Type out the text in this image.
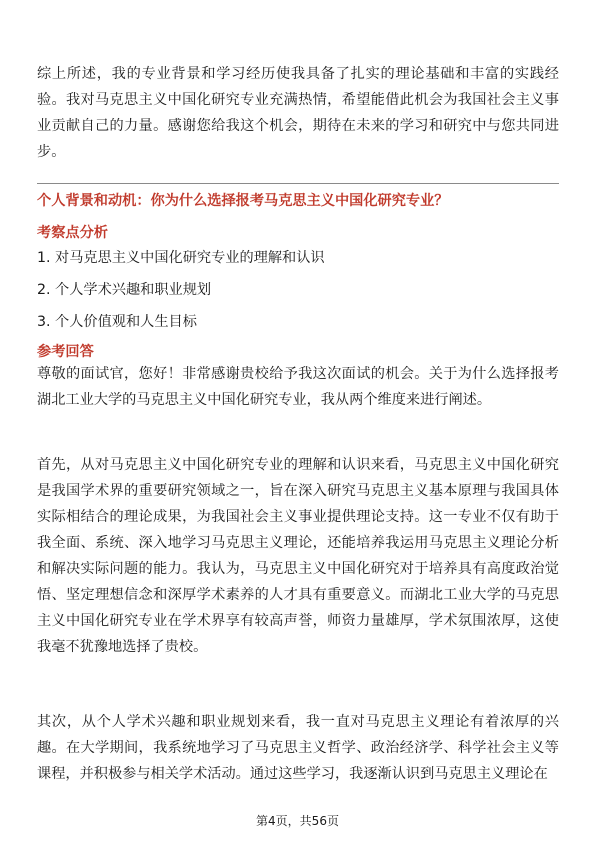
综上所述，我的专业背景和学习经历使我具备了扎实的理论基础和丰富的实践经验。我对马克思主义中国化研究专业充满热情，希望能借此机会为我国社会主义事业贡献自己的力量。感谢您给我这个机会，期待在未来的学习和研究中与您共同进步。

个人背景和动机：你为什么选择报考马克思主义中国化研究专业？

考察点分析

1. 对马克思主义中国化研究专业的理解和认识

2. 个人学术兴趣和职业规划

3. 个人价值观和人生目标

参考回答

尊敬的面试官，您好！非常感谢贵校给予我这次面试的机会。关于为什么选择报考湖北工业大学的马克思主义中国化研究专业，我从两个维度来进行阐述。

首先，从对马克思主义中国化研究专业的理解和认识来看，马克思主义中国化研究是我国学术界的重要研究领域之一，旨在深入研究马克思主义基本原理与我国具体实际相结合的理论成果，为我国社会主义事业提供理论支持。这一专业不仅有助于我全面、系统、深入地学习马克思主义理论，还能培养我运用马克思主义理论分析和解决实际问题的能力。我认为，马克思主义中国化研究对于培养具有高度政治觉悟、坚定理想信念和深厚学术素养的人才具有重要意义。而湖北工业大学的马克思主义中国化研究专业在学术界享有较高声誉，师资力量雄厚，学术氛围浓厚，这使我毫不犹豫地选择了贵校。

其次，从个人学术兴趣和职业规划来看，我一直对马克思主义理论有着浓厚的兴趣。在大学期间，我系统地学习了马克思主义哲学、政治经济学、科学社会主义等课程，并积极参与相关学术活动。通过这些学习，我逐渐认识到马克思主义理论在

第4页，共56页
